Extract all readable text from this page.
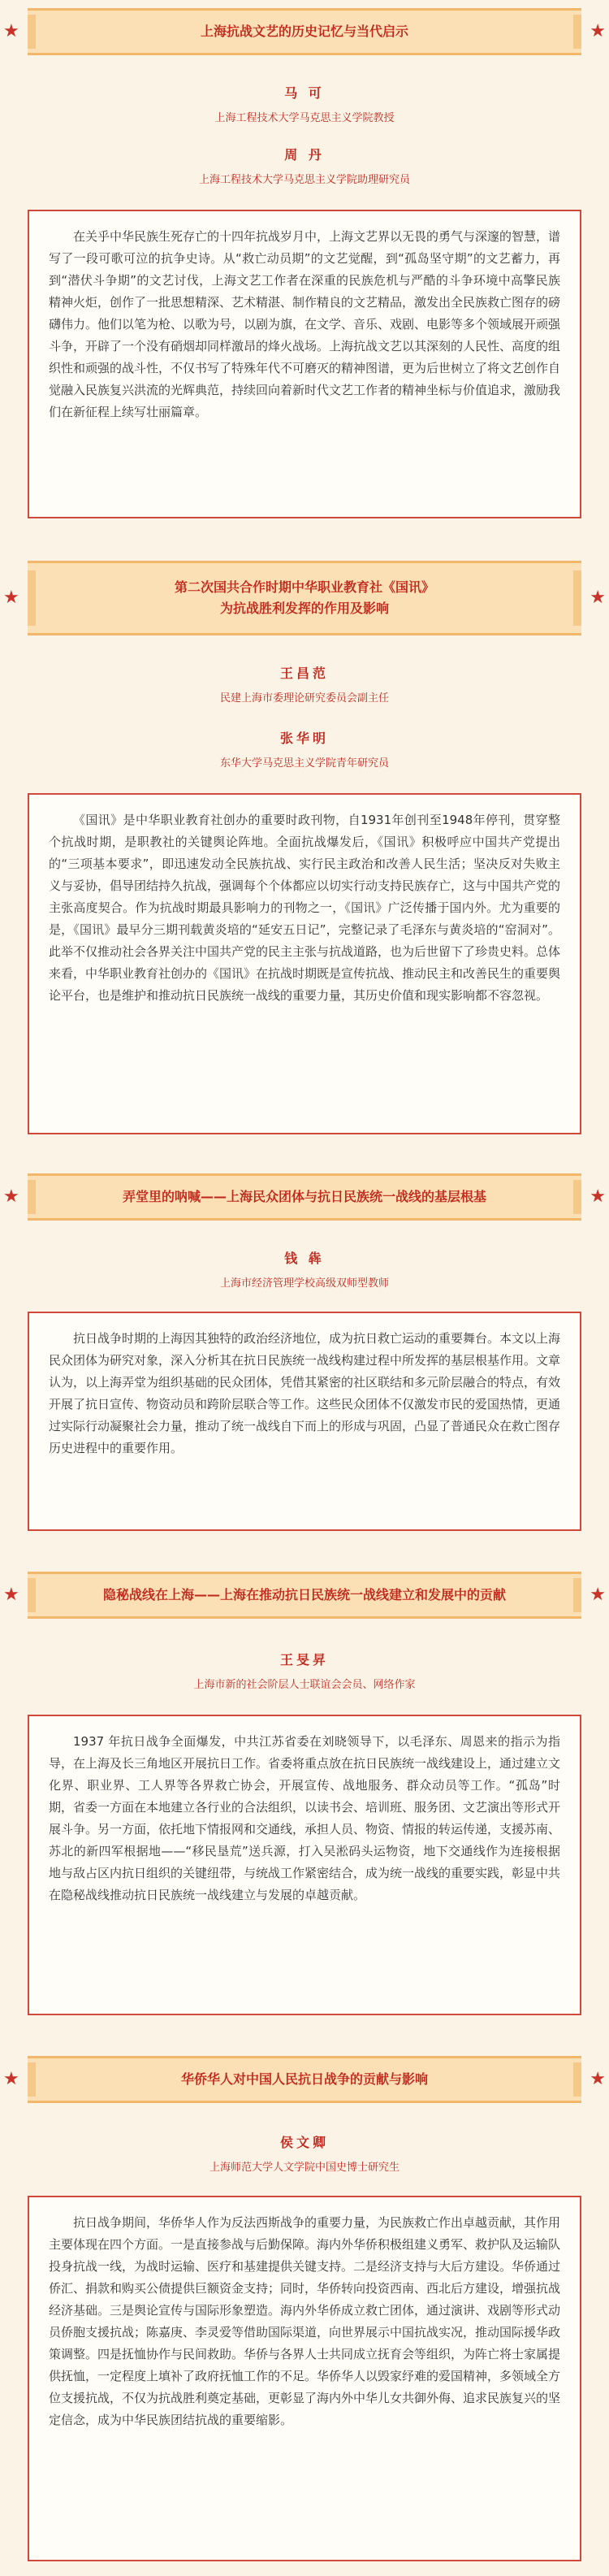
上海抗战文艺的历史记忆与当代启示
★	★
马 可
上海工程技术大学马克思主义学院教授
周 丹
上海工程技术大学马克思主义学院助理研究员

在关乎中华民族生死存亡的十四年抗战岁月中，上海文艺界以无畏的勇气与深邃的智慧，谱写了一段可歌可泣的抗争史诗。从“救亡动员期”的文艺觉醒，到“孤岛坚守期”的文艺蓄力，再到“潜伏斗争期”的文艺讨伐，上海文艺工作者在深重的民族危机与严酷的斗争环境中高擎民族精神火炬，创作了一批思想精深、艺术精湛、制作精良的文艺精品，激发出全民族救亡图存的磅礴伟力。他们以笔为枪、以歌为号，以剧为旗，在文学、音乐、戏剧、电影等多个领域展开顽强斗争，开辟了一个没有硝烟却同样激昂的烽火战场。上海抗战文艺以其深刻的人民性、高度的组织性和顽强的战斗性，不仅书写了特殊年代不可磨灭的精神图谱，更为后世树立了将文艺创作自觉融入民族复兴洪流的光辉典范，持续回向着新时代文艺工作者的精神坐标与价值追求，激励我们在新征程上续写壮丽篇章。

第二次国共合作时期中华职业教育社《国讯》
为抗战胜利发挥的作用及影响
★	★
王昌范
民建上海市委理论研究委员会副主任
张华明
东华大学马克思主义学院青年研究员

《国讯》是中华职业教育社创办的重要时政刊物，自1931年创刊至1948年停刊，贯穿整个抗战时期，是职教社的关键舆论阵地。全面抗战爆发后，《国讯》积极呼应中国共产党提出的“三项基本要求”，即迅速发动全民族抗战、实行民主政治和改善人民生活；坚决反对失败主义与妥协，倡导团结持久抗战，强调每个个体都应以切实行动支持民族存亡，这与中国共产党的主张高度契合。作为抗战时期最具影响力的刊物之一，《国讯》广泛传播于国内外。尤为重要的是，《国讯》最早分三期刊载黄炎培的“延安五日记”，完整记录了毛泽东与黄炎培的“窑洞对”。此举不仅推动社会各界关注中国共产党的民主主张与抗战道路，也为后世留下了珍贵史料。总体来看，中华职业教育社创办的《国讯》在抗战时期既是宣传抗战、推动民主和改善民生的重要舆论平台，也是维护和推动抗日民族统一战线的重要力量，其历史价值和现实影响都不容忽视。

弄堂里的呐喊——上海民众团体与抗日民族统一战线的基层根基
★	★
钱 犇
上海市经济管理学校高级双师型教师

抗日战争时期的上海因其独特的政治经济地位，成为抗日救亡运动的重要舞台。本文以上海民众团体为研究对象，深入分析其在抗日民族统一战线构建过程中所发挥的基层根基作用。文章认为，以上海弄堂为组织基础的民众团体，凭借其紧密的社区联结和多元阶层融合的特点，有效开展了抗日宣传、物资动员和跨阶层联合等工作。这些民众团体不仅激发市民的爱国热情，更通过实际行动凝聚社会力量，推动了统一战线自下而上的形成与巩固，凸显了普通民众在救亡图存历史进程中的重要作用。

隐秘战线在上海——上海在推动抗日民族统一战线建立和发展中的贡献
★	★
王旻昇
上海市新的社会阶层人士联谊会会员、网络作家

1937 年抗日战争全面爆发，中共江苏省委在刘晓领导下，以毛泽东、周恩来的指示为指导，在上海及长三角地区开展抗日工作。省委将重点放在抗日民族统一战线建设上，通过建立文化界、职业界、工人界等各界救亡协会，开展宣传、战地服务、群众动员等工作。“孤岛”时期，省委一方面在本地建立各行业的合法组织，以读书会、培训班、服务团、文艺演出等形式开展斗争。另一方面，依托地下情报网和交通线，承担人员、物资、情报的转运传递，支援苏南、苏北的新四军根据地——“移民垦荒”送兵源，打入吴淞码头运物资，地下交通线作为连接根据地与敌占区内抗日组织的关键纽带，与统战工作紧密结合，成为统一战线的重要实践，彰显中共在隐秘战线推动抗日民族统一战线建立与发展的卓越贡献。

华侨华人对中国人民抗日战争的贡献与影响
★	★
侯文卿
上海师范大学人文学院中国史博士研究生

抗日战争期间，华侨华人作为反法西斯战争的重要力量，为民族救亡作出卓越贡献，其作用主要体现在四个方面。一是直接参战与后勤保障。海内外华侨积极组建义勇军、救护队及运输队投身抗战一线，为战时运输、医疗和基建提供关键支持。二是经济支持与大后方建设。华侨通过侨汇、捐款和购买公债提供巨额资金支持；同时，华侨转向投资西南、西北后方建设，增强抗战经济基础。三是舆论宣传与国际形象塑造。海内外华侨成立救亡团体，通过演讲、戏剧等形式动员侨胞支援抗战；陈嘉庚、李灵爱等借助国际渠道，向世界展示中国抗战实况，推动国际援华政策调整。四是抚恤协作与民间救助。华侨与各界人士共同成立抚育会等组织，为阵亡将士家属提供抚恤，一定程度上填补了政府抚恤工作的不足。华侨华人以毁家纾难的爱国精神，多领域全方位支援抗战，不仅为抗战胜利奠定基础，更彰显了海内外中华儿女共御外侮、追求民族复兴的坚定信念，成为中华民族团结抗战的重要缩影。
